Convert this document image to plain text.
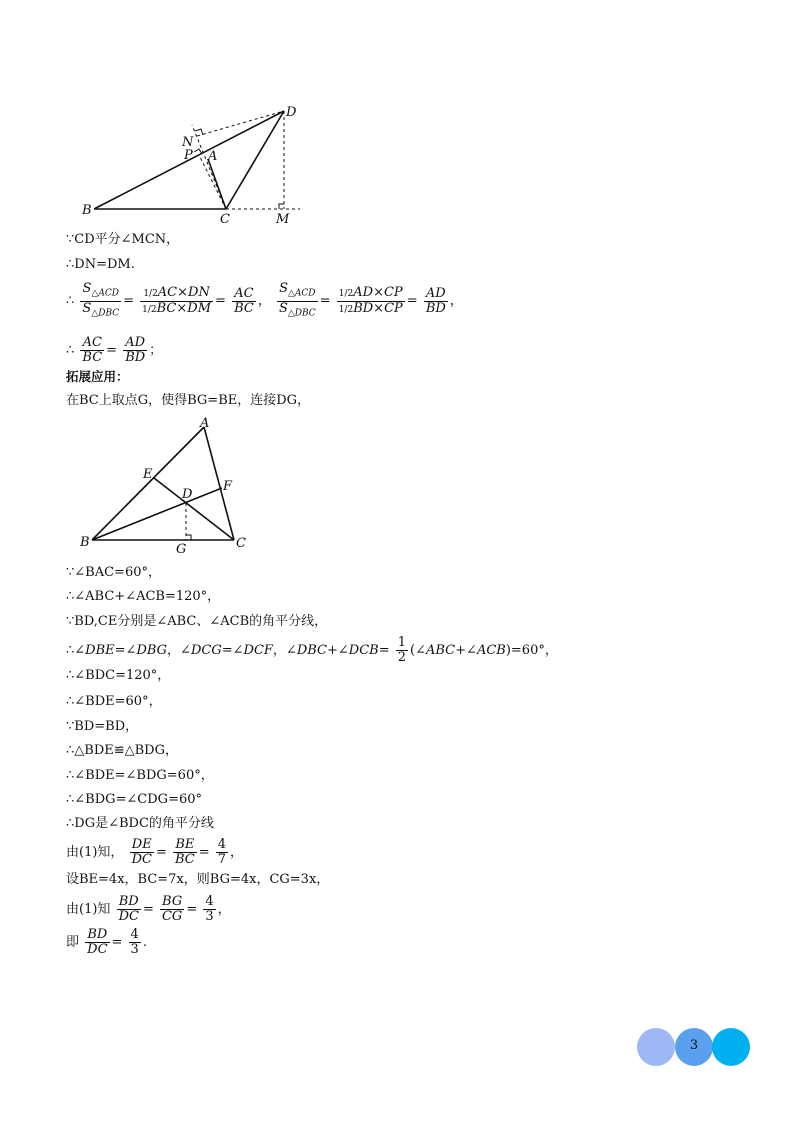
D
N
P A
B
C	M
∵CD平分∠MCN，
∴DN=DM.
∴ $\frac{S_{\triangle ACD}}{S_{\triangle DBC}} = \frac{1/2AC\times DN}{1/2BC\times DM} = \frac{AC}{BC}$ ， $\frac{S_{\triangle ACD}}{S_{\triangle DBC}} = \frac{1/2AD\times CP}{1/2BD\times CP} = \frac{AD}{BD}$ ，
∴ $\frac{AC}{BC} = \frac{AD}{BD}$ ；
拓展应用：
在BC上取点G，使得BG=BE，连接DG，
A
E
D
F
B	G	C
∵∠BAC=60°，
∴∠ABC+∠ACB=120°，
∵BD,CE分别是∠ABC、∠ACB的角平分线，
∴∠DBE=∠DBG，∠DCG=∠DCF，∠DBC+∠DCB= $\frac{1}{2}$ (∠ABC+∠ACB)=60°，
∴∠BDC=120°，
∴∠BDE=60°，
∵BD=BD，
∴△BDE≌△BDG，
∴∠BDE=∠BDG=60°，
∴∠BDG=∠CDG=60°
∴DG是∠BDC的角平分线
由(1)知， $\frac{DE}{DC} = \frac{BE}{BC} = \frac{4}{7}$ ，
设BE=4x，BC=7x，则BG=4x，CG=3x，
由(1)知 $\frac{BD}{DC} = \frac{BG}{CG} = \frac{4}{3}$ ，
即 $\frac{BD}{DC} = \frac{4}{3}$ .
3
